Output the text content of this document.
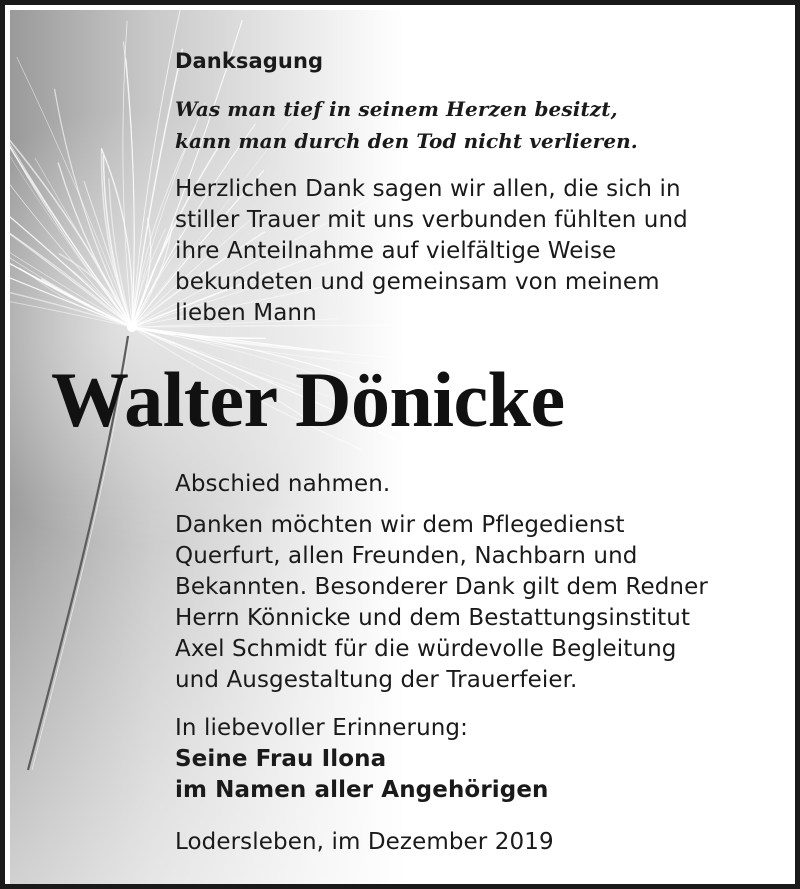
Danksagung

Was man tief in seinem Herzen besitzt,
kann man durch den Tod nicht verlieren.

Herzlichen Dank sagen wir allen, die sich in
stiller Trauer mit uns verbunden fühlten und
ihre Anteilnahme auf vielfältige Weise
bekundeten und gemeinsam von meinem
lieben Mann

Walter Dönicke

Abschied nahmen.

Danken möchten wir dem Pflegedienst
Querfurt, allen Freunden, Nachbarn und
Bekannten. Besonderer Dank gilt dem Redner
Herrn Könnicke und dem Bestattungsinstitut
Axel Schmidt für die würdevolle Begleitung
und Ausgestaltung der Trauerfeier.

In liebevoller Erinnerung:
Seine Frau Ilona
im Namen aller Angehörigen

Lodersleben, im Dezember 2019
